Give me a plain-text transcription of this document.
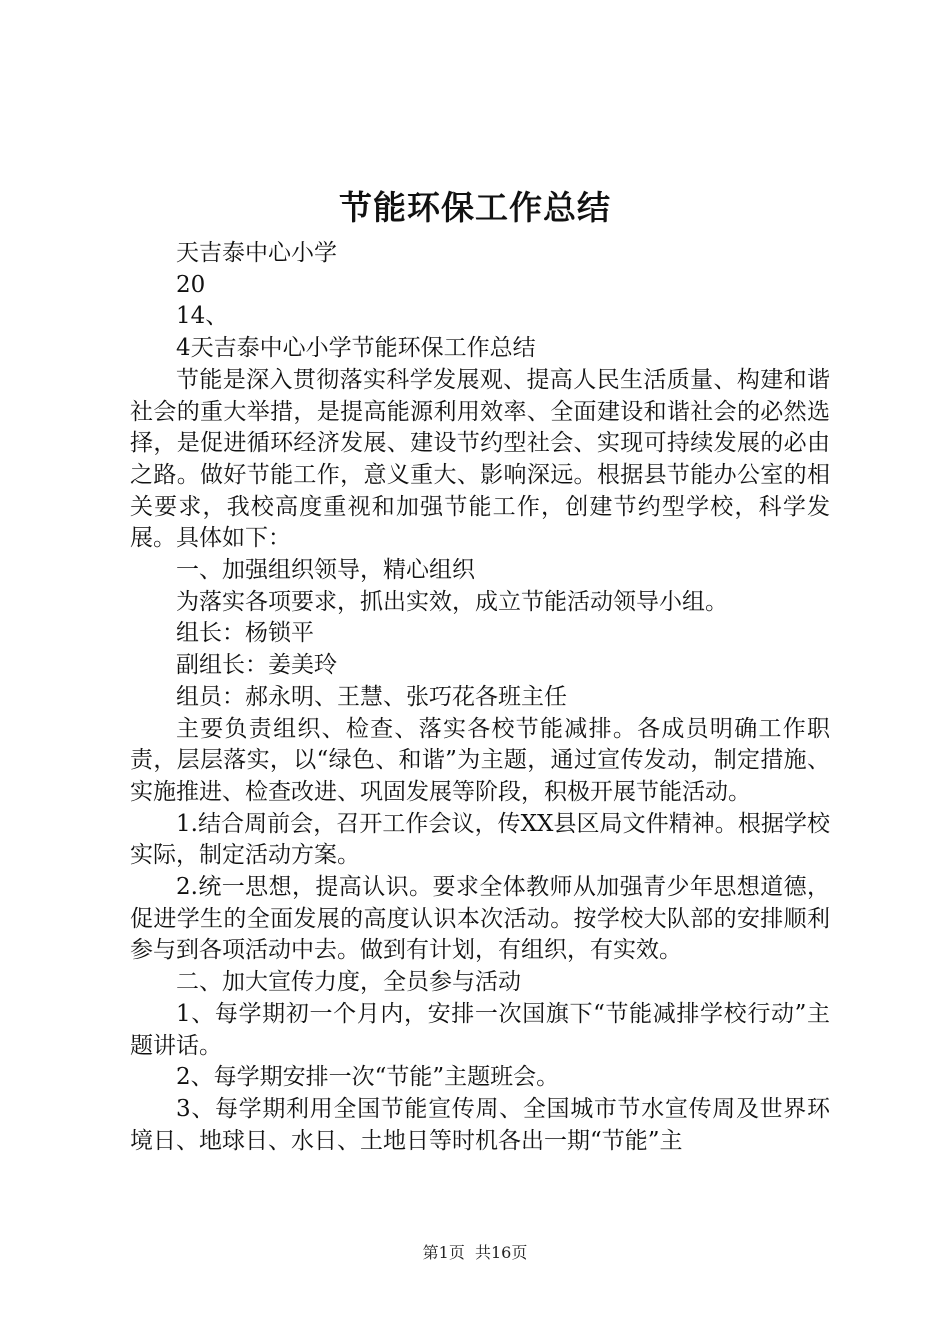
节能环保工作总结

天吉泰中心小学

20

14、

4天吉泰中心小学节能环保工作总结

节能是深入贯彻落实科学发展观、提高人民生活质量、构建和谐社会的重大举措，是提高能源利用效率、全面建设和谐社会的必然选择，是促进循环经济发展、建设节约型社会、实现可持续发展的必由之路。做好节能工作，意义重大、影响深远。根据县节能办公室的相关要求，我校高度重视和加强节能工作，创建节约型学校，科学发展。具体如下：

一、加强组织领导，精心组织

为落实各项要求，抓出实效，成立节能活动领导小组。

组长：杨锁平

副组长：姜美玲

组员：郝永明、王慧、张巧花各班主任

主要负责组织、检查、落实各校节能减排。各成员明确工作职责，层层落实，以“绿色、和谐”为主题，通过宣传发动，制定措施、实施推进、检查改进、巩固发展等阶段，积极开展节能活动。

1.结合周前会，召开工作会议，传XX县区局文件精神。根据学校实际，制定活动方案。

2.统一思想，提高认识。要求全体教师从加强青少年思想道德，促进学生的全面发展的高度认识本次活动。按学校大队部的安排顺利参与到各项活动中去。做到有计划，有组织，有实效。

二、加大宣传力度，全员参与活动

1、每学期初一个月内，安排一次国旗下“节能减排学校行动”主题讲话。

2、每学期安排一次“节能”主题班会。

3、每学期利用全国节能宣传周、全国城市节水宣传周及世界环境日、地球日、水日、土地日等时机各出一期“节能”主

第1页  共16页
